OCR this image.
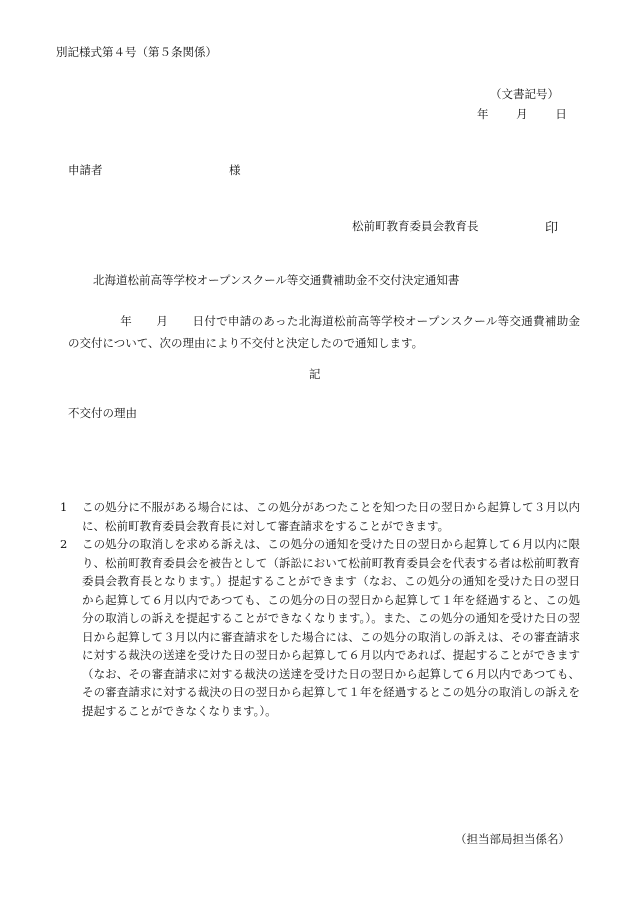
別記様式第４号（第５条関係）
（文書記号）
年 月 日
申請者	様
松前町教育委員会教育長	印
北海道松前高等学校オープンスクール等交通費補助金不交付決定通知書
年 月 日付で申請のあった北海道松前高等学校オープンスクール等交通費補助金の交付について、次の理由により不交付と決定したので通知します。
記
不交付の理由
1 この処分に不服がある場合には、この処分があつたことを知つた日の翌日から起算して３月以内に、松前町教育委員会教育長に対して審査請求をすることができます。
2 この処分の取消しを求める訴えは、この処分の通知を受けた日の翌日から起算して６月以内に限り、松前町教育委員会を被告として（訴訟において松前町教育委員会を代表する者は松前町教育委員会教育長となります。）提起することができます（なお、この処分の通知を受けた日の翌日から起算して６月以内であつても、この処分の日の翌日から起算して１年を経過すると、この処分の取消しの訴えを提起することができなくなります。）。また、この処分の通知を受けた日の翌日から起算して３月以内に審査請求をした場合には、この処分の取消しの訴えは、その審査請求に対する裁決の送達を受けた日の翌日から起算して６月以内であれば、提起することができます（なお、その審査請求に対する裁決の送達を受けた日の翌日から起算して６月以内であつても、その審査請求に対する裁決の日の翌日から起算して１年を経過するとこの処分の取消しの訴えを提起することができなくなります。）。
（担当部局担当係名）
